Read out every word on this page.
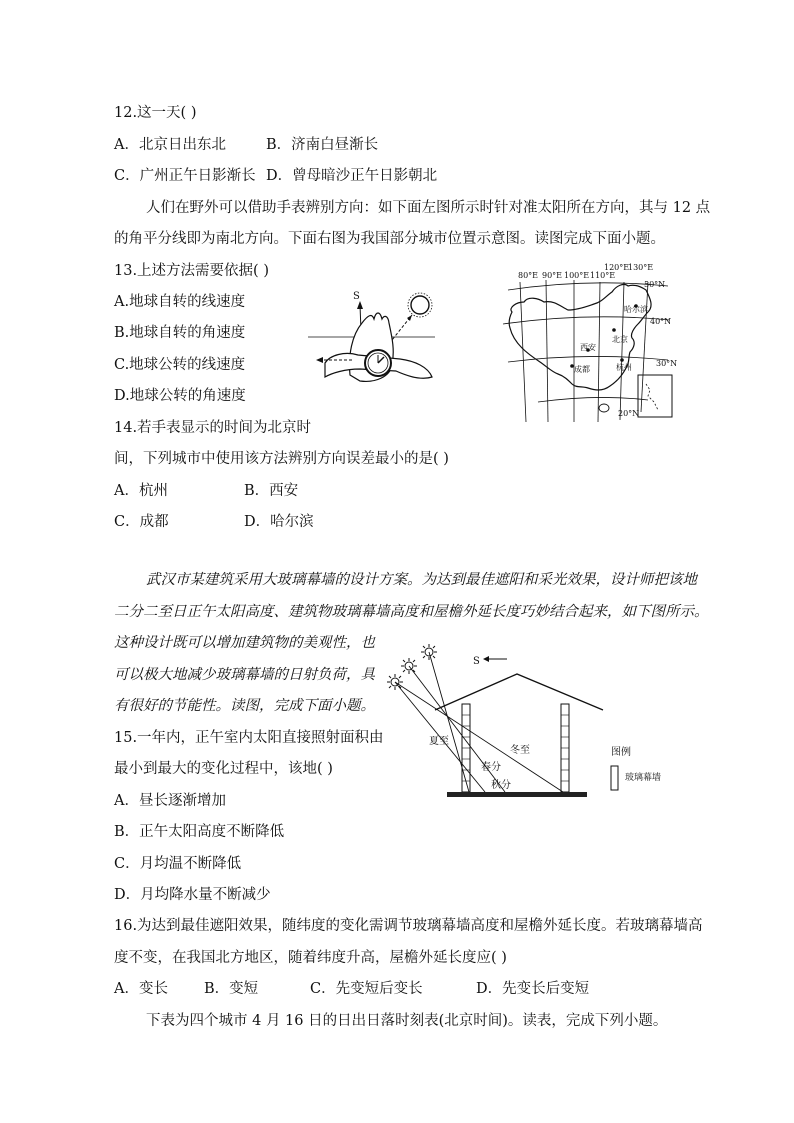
12.这一天( )
A．北京日出东北	B．济南白昼渐长
C．广州正午日影渐长 D．曾母暗沙正午日影朝北
人们在野外可以借助手表辨别方向：如下面左图所示时针对准太阳所在方向，其与 12 点
的角平分线即为南北方向。下面右图为我国部分城市位置示意图。读图完成下面小题。
13.上述方法需要依据( )
A.地球自转的线速度
B.地球自转的角速度
C.地球公转的线速度
D.地球公转的角速度
S
80°E 90°E 100°E 110°E
120°E
130°E
50°N
40°N
30°N
20°N
哈尔滨
北京
西安
杭州
成都
14.若手表显示的时间为北京时
间，下列城市中使用该方法辨别方向误差最小的是( )
A．杭州	B．西安
C．成都	D．哈尔滨
武汉市某建筑采用大玻璃幕墙的设计方案。为达到最佳遮阳和采光效果，设计师把该地
二分二至日正午太阳高度、建筑物玻璃幕墙高度和屋檐外延长度巧妙结合起来，如下图所示。
这种设计既可以增加建筑物的美观性，也
可以极大地减少玻璃幕墙的日射负荷，具
有很好的节能性。读图，完成下面小题。
S
夏至
冬至
春分
秋分
图例
玻璃幕墙
15.一年内，正午室内太阳直接照射面积由
最小到最大的变化过程中，该地( )
A．昼长逐渐增加
B．正午太阳高度不断降低
C．月均温不断降低
D．月均降水量不断减少
16.为达到最佳遮阳效果，随纬度的变化需调节玻璃幕墙高度和屋檐外延长度。若玻璃幕墙高
度不变，在我国北方地区，随着纬度升高，屋檐外延长度应( )
A．变长 B．变短	C．先变短后变长	D．先变长后变短
下表为四个城市 4 月 16 日的日出日落时刻表(北京时间)。读表，完成下列小题。
